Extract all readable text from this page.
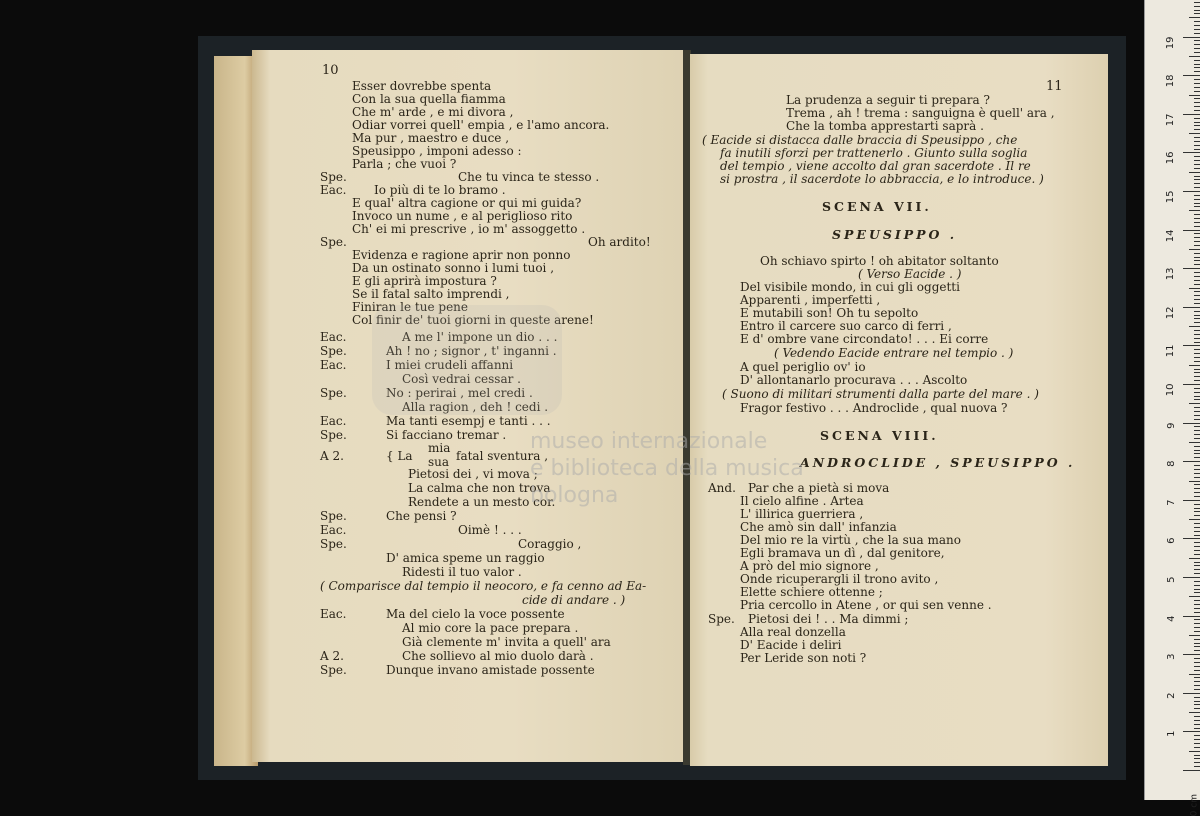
10
Esser dovrebbe spenta
Con la sua quella fiamma
Che m' arde , e mi divora ,
Odiar vorrei quell' empia , e l'amo ancora.
Ma pur , maestro e duce ,
Speusippo , imponi adesso :
Parla ; che vuoi ?
Spe.	Che tu vinca te stesso .
Eac. Io più di te lo bramo .
E qual' altra cagione or qui mi guida?
Invoco un nume , e al periglioso rito
Ch' ei mi prescrive , io m' assoggetto .
Spe.	Oh ardito!
Evidenza e ragione aprir non ponno
Da un ostinato sonno i lumi tuoi ,
E gli aprirà impostura ?
Se il fatal salto imprendi ,
Finiran le tue pene
Col finir de' tuoi giorni in queste arene!
Eac.	A me l' impone un dio . . .
Spe.	Ah ! no ; signor , t' inganni .
Eac.	I miei crudeli affanni
Così vedrai cessar .
Spe.	No : perirai , mel credi .
Alla ragion , deh ! cedi .
Eac.	Ma tanti esempj e tanti . . .
Spe.	Si facciano tremar .
A 2.	{ La
mia
sua fatal sventura ,
Pietosi dei , vi mova ;
La calma che non trova
Rendete a un mesto cor.
Spe.	Che pensi ?
Eac.	Oimè ! . . .
Spe.	Coraggio ,
D' amica speme un raggio
Ridesti il tuo valor .
( Comparisce dal tempio il neocoro, e fa cenno ad Ea-
cide di andare . )
Eac.	Ma del cielo la voce possente
Al mio core la pace prepara .
Già clemente m' invita a quell' ara
A 2.	Che sollievo al mio duolo darà .
Spe.	Dunque invano amistade possente
11
La prudenza a seguir ti prepara ?
Trema , ah ! trema : sanguigna è quell' ara ,
Che la tomba apprestarti saprà .
( Eacide si distacca dalle braccia di Speusippo , che
fa inutili sforzi per trattenerlo . Giunto sulla soglia
del tempio , viene accolto dal gran sacerdote . Il re
si prostra , il sacerdote lo abbraccia, e lo introduce. )
SCENA VII.
SPEUSIPPO .
Oh schiavo spirto ! oh abitator soltanto
( Verso Eacide . )
Del visibile mondo, in cui gli oggetti
Apparenti , imperfetti ,
E mutabili son! Oh tu sepolto
Entro il carcere suo carco di ferri ,
E d' ombre vane circondato! . . . Ei corre
( Vedendo Eacide entrare nel tempio . )
A quel periglio ov' io
D' allontanarlo procurava . . . Ascolto
( Suono di militari strumenti dalla parte del mare . )
Fragor festivo . . . Androclide , qual nuova ?
SCENA VIII.
ANDROCLIDE , SPEUSIPPO .
And. Par che a pietà si mova
Il cielo alfine . Artea
L' illirica guerriera ,
Che amò sin dall' infanzia
Del mio re la virtù , che la sua mano
Egli bramava un dì , dal genitore,
A prò del mio signore ,
Onde ricuperargli il trono avito ,
Elette schiere ottenne ;
Pria cercollo in Atene , or qui sen venne .
Spe. Pietosi dei ! . . Ma dimmi ;
Alla real donzella
D' Eacide i deliri
Per Leride son noti ?
museo internazionale
e biblioteca della musica
bologna
0 cm
1
2
3
4
5
6
7
8
9
10
11
12
13
14
15
16
17
18
19
